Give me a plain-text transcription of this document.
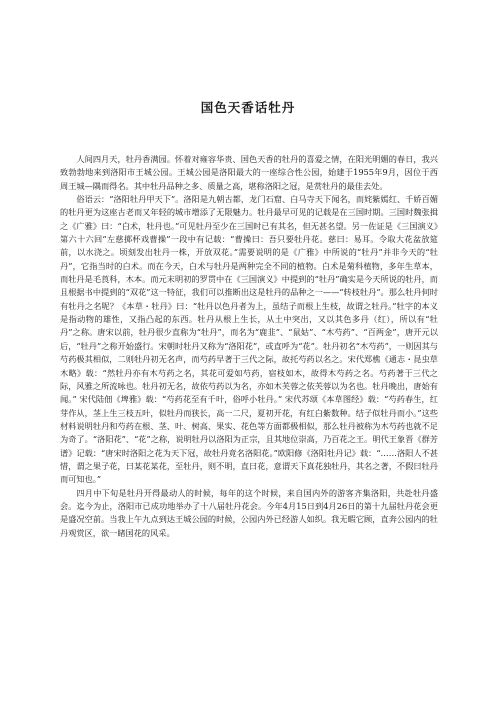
国色天香话牡丹

人间四月天，牡丹香满园。怀着对雍容华贵、国色天香的牡丹的喜爱之情，在阳光明媚的春日，我兴致勃勃地来到洛阳市王城公园。王城公园是洛阳最大的一座综合性公园，始建于1955年9月，因位于西周王城—隅而得名。其中牡丹品种之多、质量之高，堪称洛阳之冠，是赏牡丹的最佳去处。

俗语云：“洛阳牡丹甲天下”。洛阳是九朝古都，龙门石窟、白马寺天下闻名，而姹紫嫣红、千娇百媚的牡丹更为这座古老而又年轻的城市增添了无限魅力。牡丹最早可见的记载是在三国时期。三国时魏张揖之《广雅》曰：“白术，牡丹也。”可见牡丹至少在三国时已有其名，但无甚名望。另一佐证是《三国演义》第六十六回“左慈掷杯戏曹操”一段中有记载：“曹操曰：吾只要牡丹花。慈曰：易耳。令取大花盆放筵前，以水浇之。顷刻发出牡丹一株，开放双花。”需要说明的是《广雅》中所说的“牡丹”并非今天的“牡丹”，它指当时的白术。而在今天，白术与牡丹是两种完全不同的植物。白术是菊科植物，多年生草本，而牡丹是毛莨科，木本。而元末明初的罗贯中在《三国演义》中提到的“牡丹”确实是今天所说的牡丹，而且根据书中提到的“双花”这一特征，我们可以推断出这是牡丹的品种之一——“转枝牡丹”。那么牡丹何时有牡丹之名呢？《本草・牡丹》曰：“牡丹以色丹者为上，虽结子而根上生枝，故谓之牡丹。”牡字的本义是指动物的雄性，又指凸起的东西。牡丹从根上生长，从土中突出，又以其色多丹（红），所以有“牡丹”之称。唐宋以前，牡丹很少直称为“牡丹”，而名为“鹿韭”、“鼠姑”、“木芍药”、“百两金”，唐开元以后，“牡丹”之称开始盛行。宋朝时牡丹又称为“洛阳花”，或直呼为“花”。牡丹初名“木芍药”，一则因其与芍药极其相似，二则牡丹初无名声，而芍药早著于三代之际，故托芍药以名之。宋代郑樵《通志・昆虫草木略》载：“然牡丹亦有木芍药之名，其花可爱如芍药，宿枝如木，故得木芍药之名。芍药著于三代之际，风雅之所流咏也。牡丹初无名，故依芍药以为名，亦如木芙蓉之依芙蓉以为名也。牡丹晚出，唐始有闻。” 宋代陆佃《埤雅》载：“芍药花至有千叶，俗呼小牡丹。” 宋代苏颂《本草图经》载：“芍药春生，红芽作从，茎上生三枝五叶，似牡丹而狭长，高一二尺，夏初开花，有红白紫数种。结子似牡丹而小。”这些材料说明牡丹和芍药在根、茎、叶、树高、果实、花色等方面都极相似，那么牡丹被称为木芍药也就不足为奇了。“洛阳花”、“花”之称，说明牡丹以洛阳为正宗，且其地位崇高，乃百花之王。明代王象晋《群芳谱》记载：“唐宋时洛阳之花为天下冠，故牡丹竟名洛阳花。”欧阳修《洛阳牡丹记》载：“……洛阳人不甚惜，谓之果子花，曰某花某花，至牡丹，则不明，直曰花，意谓天下真花独牡丹，其名之著，不假曰牡丹而可知也。”

四月中下旬是牡丹开得最动人的时候，每年的这个时候，来自国内外的游客齐集洛阳，共赴牡丹盛会。迄今为止，洛阳市已成功地举办了十八届牡丹花会。今年4月15日到4月26日的第十九届牡丹花会更是盛况空前。当我上午九点到达王城公园的时候，公园内外已经游人如织。我无暇它顾，直奔公园内的牡丹观赏区，欲一睹国花的风采。
